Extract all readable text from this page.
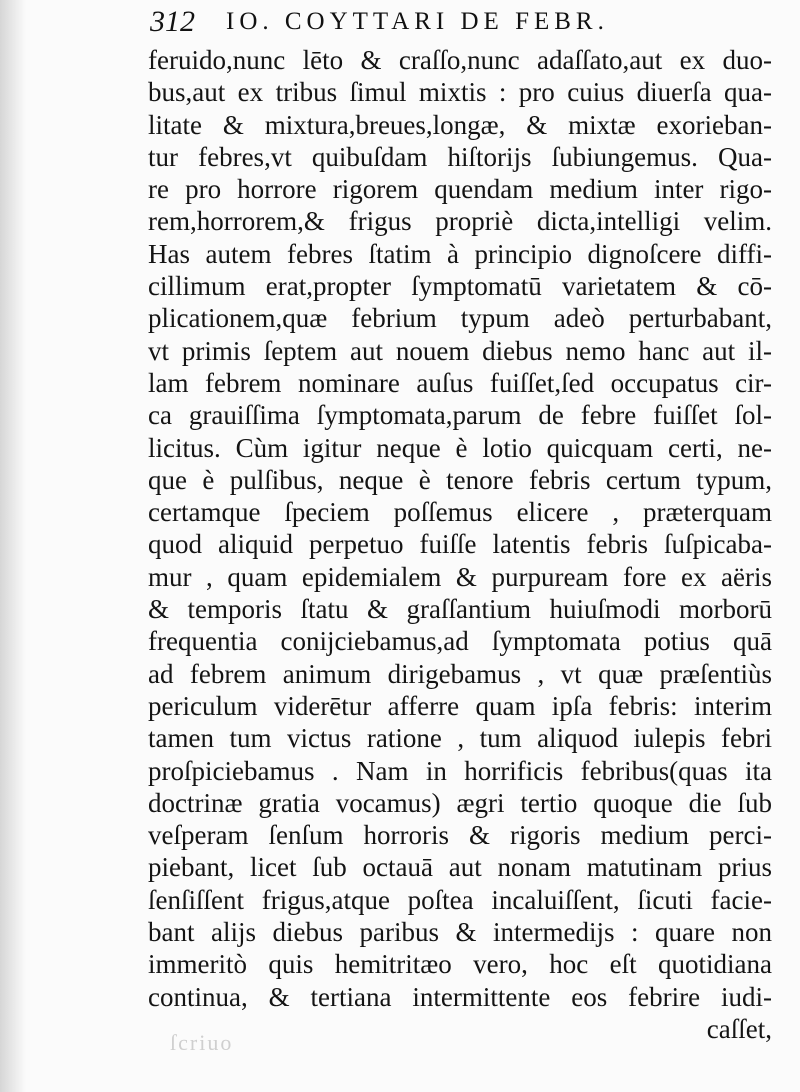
312 IO. COYTTARI DE FEBR.
feruido,nunc lēto & craſſo,nunc adaſſato,aut ex duo-
bus,aut ex tribus ſimul mixtis : pro cuius diuerſa qua-
litate & mixtura,breues,longæ, & mixtæ exorieban-
tur febres,vt quibuſdam hiſtorijs ſubiungemus. Qua-
re pro horrore rigorem quendam medium inter rigo-
rem,horrorem,& frigus propriè dicta,intelligi velim.
Has autem febres ſtatim à principio dignoſcere diffi-
cillimum erat,propter ſymptomatū varietatem & cō-
plicationem,quæ febrium typum adeò perturbabant,
vt primis ſeptem aut nouem diebus nemo hanc aut il-
lam febrem nominare auſus fuiſſet,ſed occupatus cir-
ca grauiſſima ſymptomata,parum de febre fuiſſet ſol-
licitus. Cùm igitur neque è lotio quicquam certi, ne-
que è pulſibus, neque è tenore febris certum typum,
certamque ſpeciem poſſemus elicere , præterquam
quod aliquid perpetuo fuiſſe latentis febris ſuſpicaba-
mur , quam epidemialem & purpuream fore ex aëris
& temporis ſtatu & graſſantium huiuſmodi morborū
frequentia conijciebamus,ad ſymptomata potius quā
ad febrem animum dirigebamus , vt quæ præſentiùs
periculum viderētur afferre quam ipſa febris: interim
tamen tum victus ratione , tum aliquod iulepis febri
proſpiciebamus . Nam in horrificis febribus(quas ita
doctrinæ gratia vocamus) ægri tertio quoque die ſub
veſperam ſenſum horroris & rigoris medium perci-
piebant, licet ſub octauā aut nonam matutinam prius
ſenſiſſent frigus,atque poſtea incaluiſſent, ſicuti facie-
bant alijs diebus paribus & intermedijs : quare non
immeritò quis hemitritæo vero, hoc eſt quotidiana
continua, & tertiana intermittente eos febrire iudi-
caſſet,
ſcriuo
